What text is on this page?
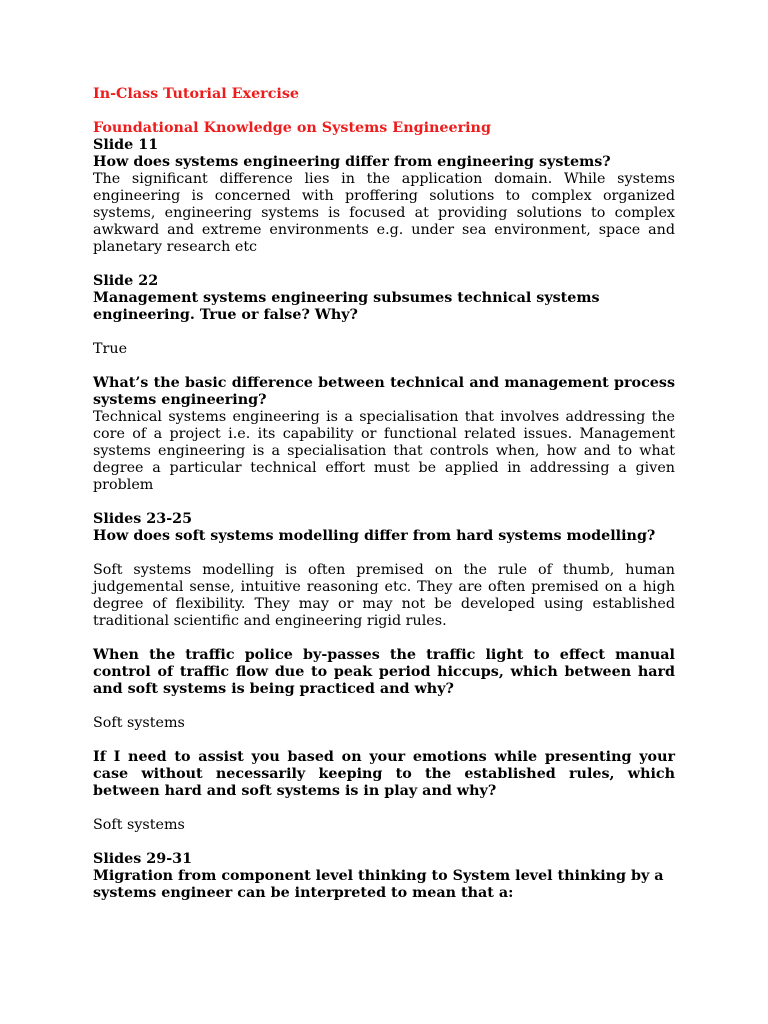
In-Class Tutorial Exercise

Foundational Knowledge on Systems Engineering

Slide 11

How does systems engineering differ from engineering systems?

The significant difference lies in the application domain. While systems engineering is concerned with proffering solutions to complex organized systems, engineering systems is focused at providing solutions to complex awkward and extreme environments e.g. under sea environment, space and planetary research etc

Slide 22

Management systems engineering subsumes technical systems engineering. True or false? Why?

True

What’s the basic difference between technical and management process systems engineering?

Technical systems engineering is a specialisation that involves addressing the core of a project i.e. its capability or functional related issues. Management systems engineering is a specialisation that controls when, how and to what degree a particular technical effort must be applied in addressing a given problem

Slides 23-25

How does soft systems modelling differ from hard systems modelling?

Soft systems modelling is often premised on the rule of thumb, human judgemental sense, intuitive reasoning etc. They are often premised on a high degree of flexibility. They may or may not be developed using established traditional scientific and engineering rigid rules.

When the traffic police by-passes the traffic light to effect manual control of traffic flow due to peak period hiccups, which between hard and soft systems is being practiced and why?

Soft systems

If I need to assist you based on your emotions while presenting your case without necessarily keeping to the established rules, which between hard and soft systems is in play and why?

Soft systems

Slides 29-31

Migration from component level thinking to System level thinking by a systems engineer can be interpreted to mean that a:
